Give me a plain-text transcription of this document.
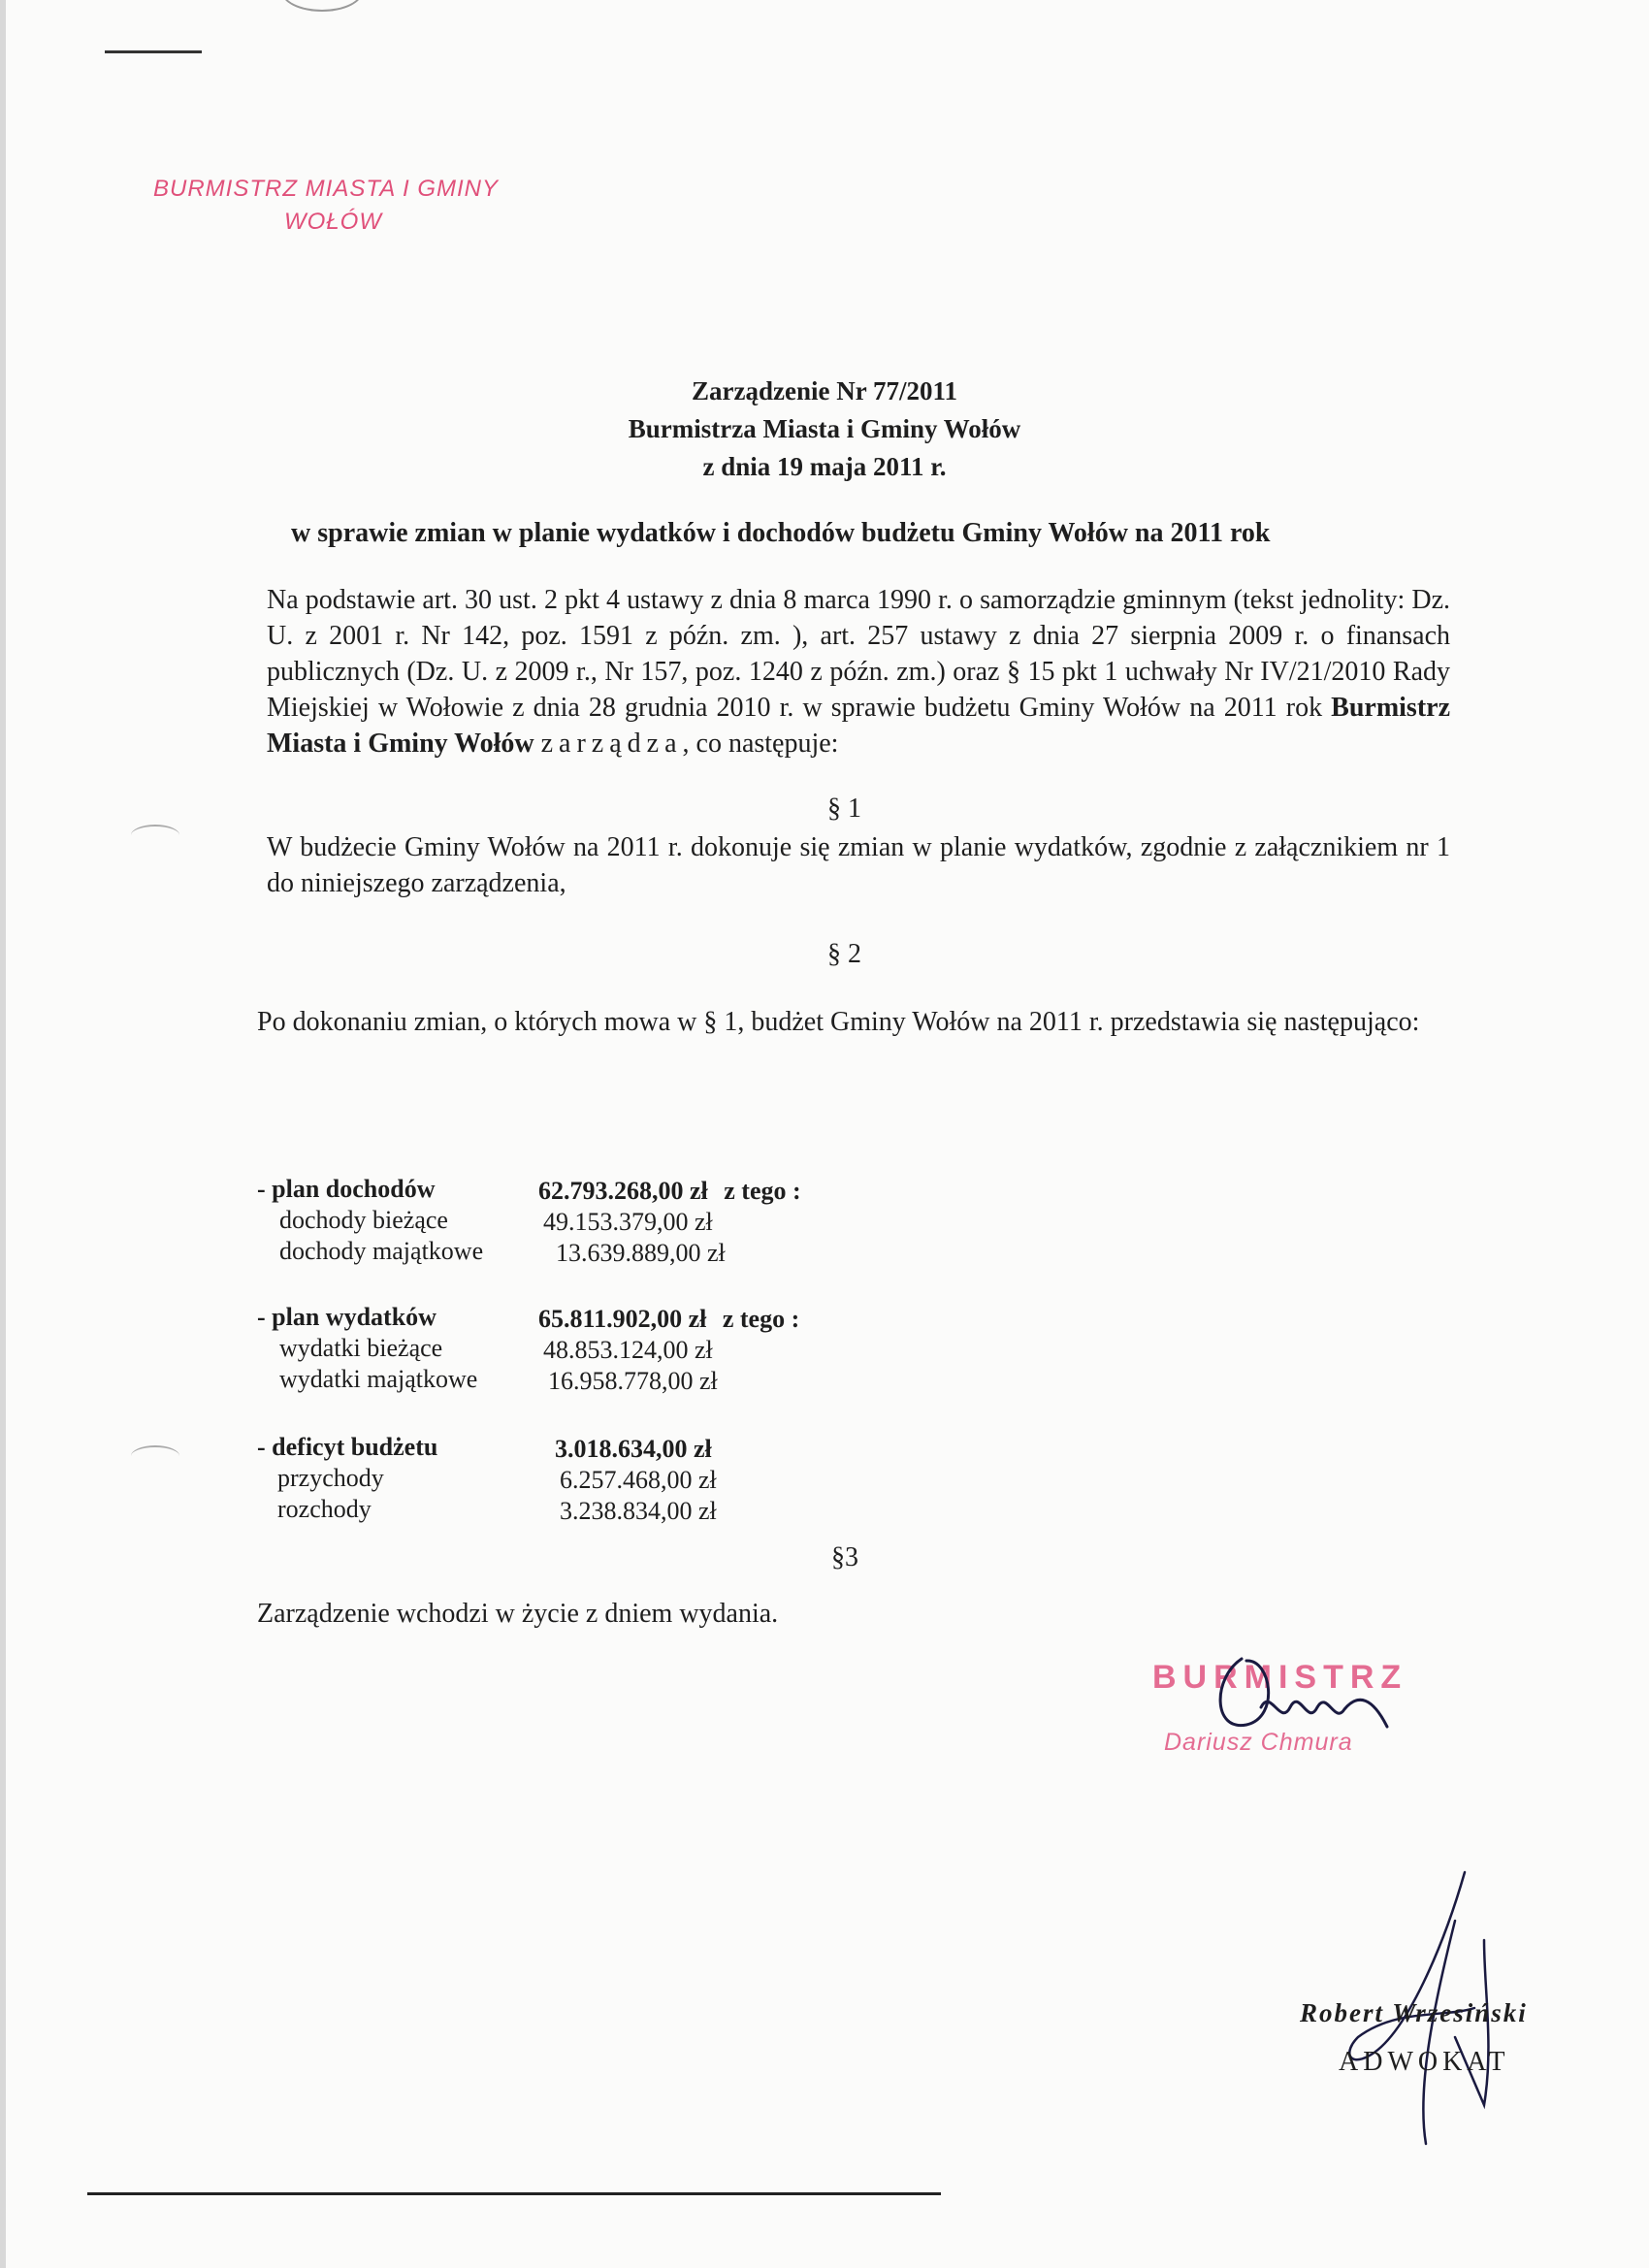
BURMISTRZ MIASTA I GMINY
WOŁÓW
Zarządzenie Nr 77/2011
Burmistrza Miasta i Gminy Wołów
z dnia 19 maja 2011 r.
w sprawie zmian w planie wydatków i dochodów budżetu Gminy Wołów na 2011 rok
Na podstawie art. 30 ust. 2 pkt 4 ustawy z dnia 8 marca 1990 r. o samorządzie gminnym (tekst jednolity: Dz. U. z 2001 r. Nr 142, poz. 1591 z późn. zm. ), art. 257 ustawy z dnia 27 sierpnia 2009 r. o finansach publicznych (Dz. U. z 2009 r., Nr 157, poz. 1240 z późn. zm.) oraz § 15 pkt 1 uchwały Nr IV/21/2010 Rady Miejskiej w Wołowie z dnia 28 grudnia 2010 r. w sprawie budżetu Gminy Wołów na 2011 rok Burmistrz Miasta i Gminy Wołów zarządza, co następuje:
§ 1
W budżecie Gminy Wołów na 2011 r. dokonuje się zmian w planie wydatków, zgodnie z załącznikiem nr 1 do niniejszego zarządzenia,
§ 2
Po dokonaniu zmian, o których mowa w § 1, budżet Gminy Wołów na 2011 r. przedstawia się następująco:
- plan dochodów	62.793.268,00 zł z tego :
dochody bieżące	49.153.379,00 zł
dochody majątkowe	13.639.889,00 zł
- plan wydatków	65.811.902,00 zł z tego :
wydatki bieżące	48.853.124,00 zł
wydatki majątkowe	16.958.778,00 zł
- deficyt budżetu	3.018.634,00 zł
przychody	6.257.468,00 zł
rozchody	3.238.834,00 zł
§3
Zarządzenie wchodzi w życie z dniem wydania.
BURMISTRZ
Dariusz Chmura
Robert Wrzesiński
ADWOKAT
